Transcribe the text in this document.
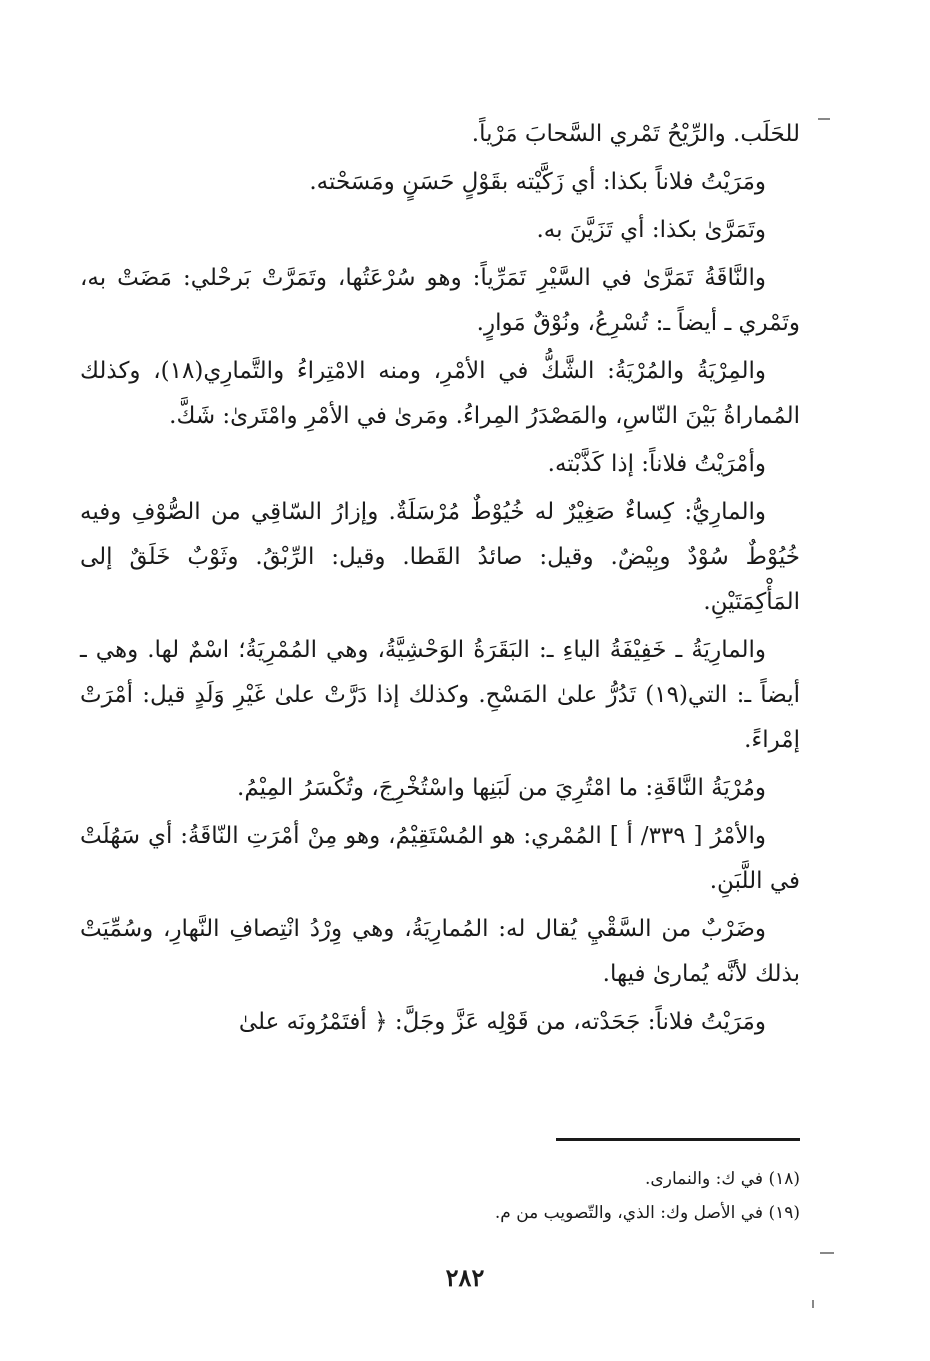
للحَلَب. والرِّيْحُ تَمْري السَّحابَ مَرْياً.

ومَرَيْتُ فلاناً بكذا: أي زَكَّيْته بقَوْلٍ حَسَنٍ ومَسَحْته.

وتَمَرَّىٰ بكذا: أي تَزَيَّنَ به.

والنَّاقَةُ تَمَرَّىٰ في السَّيْرِ تَمَرِّياً: وهو سُرْعَتُها، وتَمَرَّتْ بَرحْلي: مَضَتْ به، وتَمْري ـ أيضاً ـ: تُسْرِعُ، ونُوْقٌ مَوارٍ.

والمِرْيَةُ والمُرْيَةُ: الشَّكُّ في الأمْرِ، ومنه الامْتِراءُ والتَّمارِي(١٨)، وكذلك المُماراةُ بَيْنَ النّاسِ، والمَصْدَرُ المِراءُ. ومَرىٰ في الأمْرِ وامْتَرىٰ: شَكَّ.

وأمْرَيْتُ فلاناً: إذا كَذَّبْته.

والمارِيُّ: كِساءٌ صَغِيْرٌ له خُيُوْطٌ مُرْسَلَةٌ. وإزارُ السّاقِي من الصُّوْفِ وفيه خُيُوْطٌ سُوْدٌ وبِيْضٌ. وقيل: صائدُ القَطا. وقيل: الرِّبْقُ. وثَوْبٌ خَلَقٌ إلى المَأْكِمَتَيْنِ.

والمارِيَةُ ـ خَفِيْفَةُ الياءِ ـ: البَقَرَةُ الوَحْشِيَّةُ، وهي المُمْرِيَةُ؛ اسْمٌ لها. وهي ـ أيضاً ـ: التي(١٩) تَدُرُّ علىٰ المَسْحِ. وكذلك إذا دَرَّتْ علىٰ غَيْرِ وَلَدٍ قيل: أمْرَتْ إمْراءً.

ومُرْيَةُ النَّاقَةِ: ما امْتُرِيَ من لَبَنِها واسْتُخْرِجَ، وتُكْسَرُ المِيْمُ.

والأمْرُ [ ٣٣٩/ أ ] المُمْري: هو المُسْتَقِيْمُ، وهو مِنْ أمْرَتِ النّاقَةُ: أي سَهُلَتْ في اللَّبَنِ.

وضَرْبٌ من السَّقْيِ يُقال له: المُمارِيَةُ، وهي وِرْدُ انْتِصافِ النَّهارِ، وسُمِّيَتْ بذلك لأنَّه يُمارىٰ فيها.

ومَرَيْتُ فلاناً: جَحَدْته، من قَوْلِه عَزَّ وجَلَّ: ﴿ أفتَمْرُونَه علىٰ

(١٨) في ك: والنمارى.

(١٩) في الأصل وك: الذي، والتّصويب من م.

٢٨٢
